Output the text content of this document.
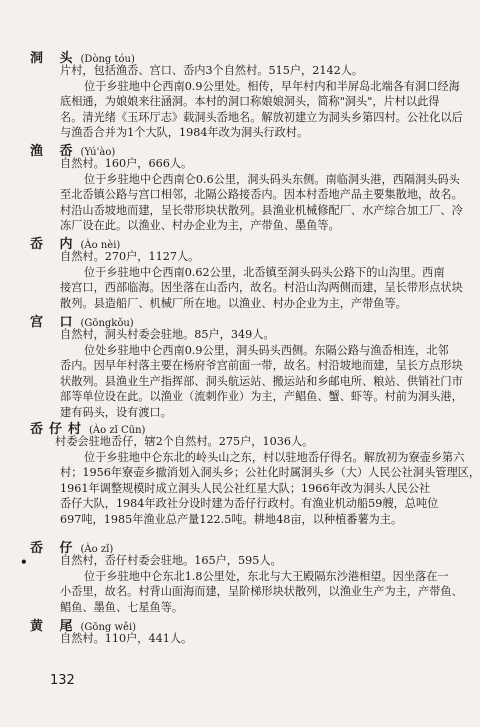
洞 头 (Dòng tóu)
片村，包括渔岙、宫口、岙内3个自然村。515户，2142人。
位于乡驻地中仑西南0.9公里处。相传，早年村内和半屏岛北端各有洞口经海
底相通，为娘娘来往涵洞。本村的洞口称娘娘洞头，简称"洞头"，片村以此得
名。清光绪《玉环厅志》载洞头岙地名。解放初建立为洞头乡第四村。公社化以后
与渔岙合并为1个大队，1984年改为洞头行政村。
渔 岙 (Yú'ào)
自然村。160户，666人。
位于乡驻地中仑西南仑0.6公里，洞头码头东侧。南临洞头港，西隔洞头码头
至北岙镇公路与宫口相邻，北隔公路接岙内。因本村岙地产品主要集散地，故名。
村沿山岙坡地而建，呈长带形块状散列。县渔业机械修配厂、水产综合加工厂、冷
冻厂设在此。以渔业、村办企业为主，产带鱼、墨鱼等。
岙 内 (Ào nèi)
自然村。270户，1127人。
位于乡驻地中仑西南0.62公里，北岙镇至洞头码头公路下的山沟里。西南
接宫口，西部临海。因坐落在山岙内，故名。村沿山沟两侧而建，呈长带形点状块
散列。县造船厂、机械厂所在地。以渔业、村办企业为主，产带鱼等。
宫 口 (Gōngkǒu)
自然村，洞头村委会驻地。85户，349人。
位处乡驻地中仑西南0.9公里，洞头码头西侧。东隔公路与渔岙相连，北邻
岙内。因早年村落主要在杨府爷宫前面一带，故名。村沿坡地而建，呈长方点形块
状散列。县渔业生产指挥部、洞头航运站、搬运站和乡邮电所、粮站、供销社门市
部等单位设在此。以渔业（流刺作业）为主，产鲳鱼、蟹、虾等。村前为洞头港，
建有码头，设有渡口。
岙仔村 (Ào zǐ Cūn)
村委会驻地岙仔，辖2个自然村。275户，1036人。
位于乡驻地中仑东北的岭头山之东，村以驻地岙仔得名。解放初为寮壶乡第六
村；1956年寮壶乡撤消划入洞头乡；公社化时属洞头乡（大）人民公社洞头管理区，
1961年调整规模时成立洞头人民公社红星大队；1966年改为洞头人民公社
岙仔大队，1984年政社分设时建为岙仔行政村。有渔业机动船59艘，总吨位
697吨，1985年渔业总产量122.5吨。耕地48亩，以种植番薯为主。
岙 仔 (Ào zǐ)
•	自然村，岙仔村委会驻地。165户，595人。
位于乡驻地中仑东北1.8公里处，东北与大王殿隔东沙港相望。因坐落在一
小岙里，故名。村背山面海而建，呈阶梯形块状散列，以渔业生产为主，产带鱼、
鲳鱼、墨鱼、七星鱼等。
黄 尾 (Gōng wěi)
自然村。110户，441人。
132
